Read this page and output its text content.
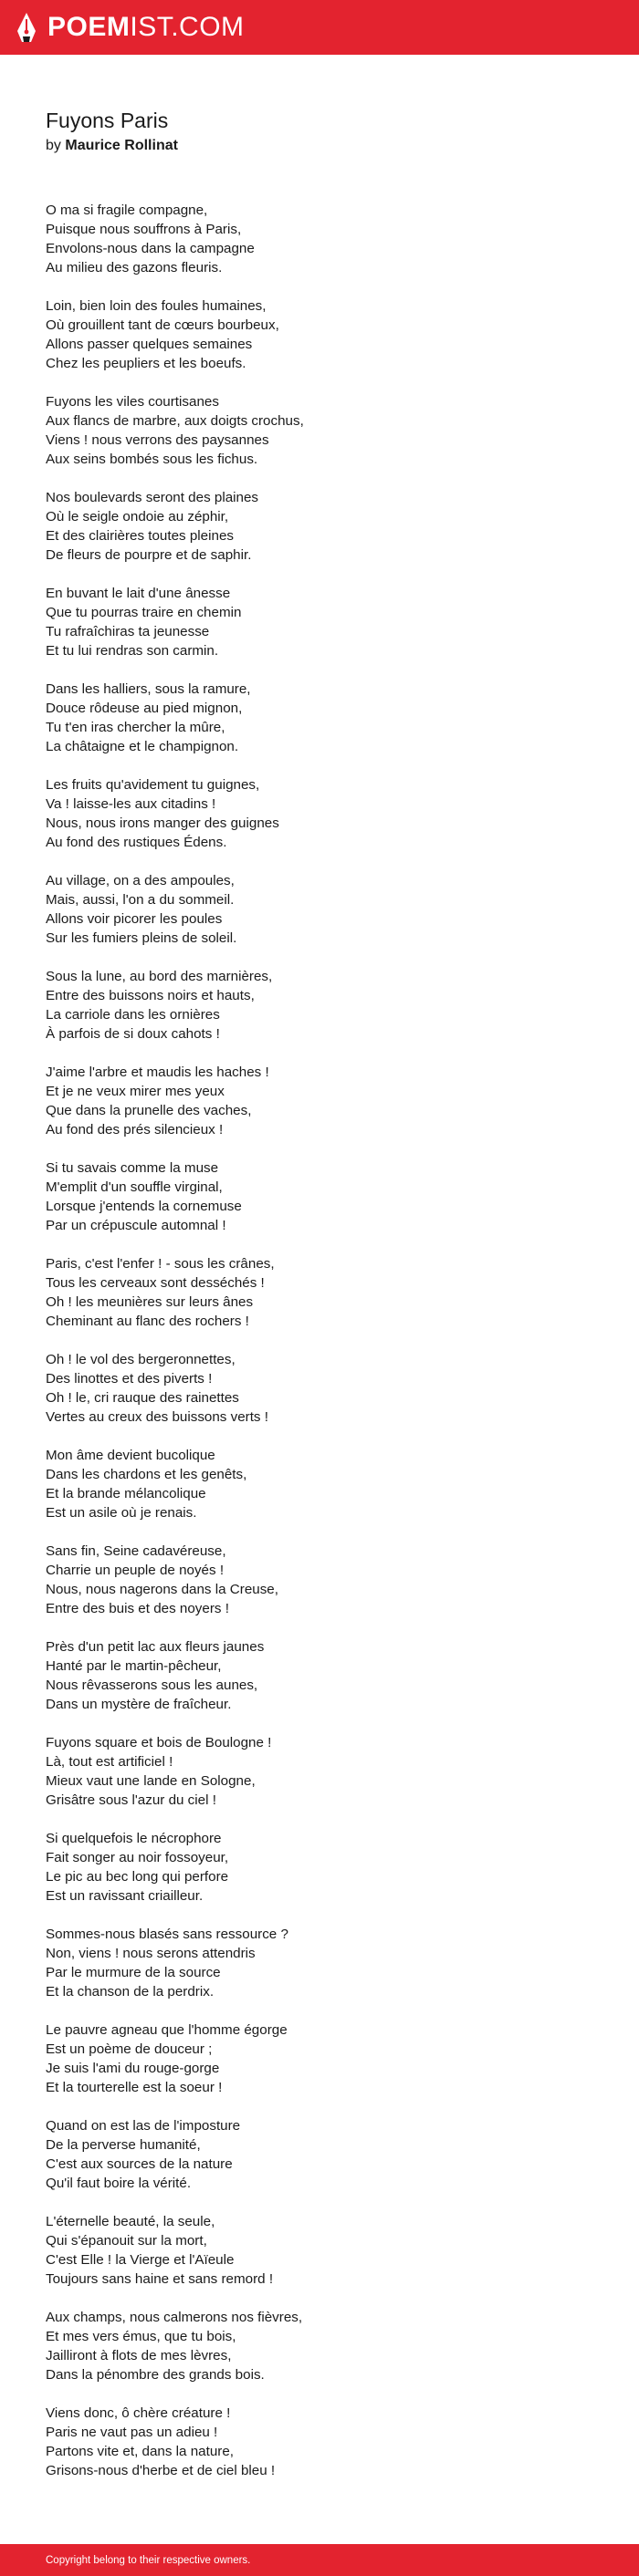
POEMIST.COM
Fuyons Paris
by Maurice Rollinat
O ma si fragile compagne,
Puisque nous souffrons à Paris,
Envolons-nous dans la campagne
Au milieu des gazons fleuris.
Loin, bien loin des foules humaines,
Où grouillent tant de cœurs bourbeux,
Allons passer quelques semaines
Chez les peupliers et les boeufs.
Fuyons les viles courtisanes
Aux flancs de marbre, aux doigts crochus,
Viens ! nous verrons des paysannes
Aux seins bombés sous les fichus.
Nos boulevards seront des plaines
Où le seigle ondoie au zéphir,
Et des clairières toutes pleines
De fleurs de pourpre et de saphir.
En buvant le lait d'une ânesse
Que tu pourras traire en chemin
Tu rafraîchiras ta jeunesse
Et tu lui rendras son carmin.
Dans les halliers, sous la ramure,
Douce rôdeuse au pied mignon,
Tu t'en iras chercher la mûre,
La châtaigne et le champignon.
Les fruits qu'avidement tu guignes,
Va ! laisse-les aux citadins !
Nous, nous irons manger des guignes
Au fond des rustiques Édens.
Au village, on a des ampoules,
Mais, aussi, l'on a du sommeil.
Allons voir picorer les poules
Sur les fumiers pleins de soleil.
Sous la lune, au bord des marnières,
Entre des buissons noirs et hauts,
La carriole dans les ornières
À parfois de si doux cahots !
J'aime l'arbre et maudis les haches !
Et je ne veux mirer mes yeux
Que dans la prunelle des vaches,
Au fond des prés silencieux !
Si tu savais comme la muse
M'emplit d'un souffle virginal,
Lorsque j'entends la cornemuse
Par un crépuscule automnal !
Paris, c'est l'enfer ! - sous les crânes,
Tous les cerveaux sont desséchés !
Oh ! les meunières sur leurs ânes
Cheminant au flanc des rochers !
Oh ! le vol des bergeronnettes,
Des linottes et des piverts !
Oh ! le, cri rauque des rainettes
Vertes au creux des buissons verts !
Mon âme devient bucolique
Dans les chardons et les genêts,
Et la brande mélancolique
Est un asile où je renais.
Sans fin, Seine cadavéreuse,
Charrie un peuple de noyés !
Nous, nous nagerons dans la Creuse,
Entre des buis et des noyers !
Près d'un petit lac aux fleurs jaunes
Hanté par le martin-pêcheur,
Nous rêvasserons sous les aunes,
Dans un mystère de fraîcheur.
Fuyons square et bois de Boulogne !
Là, tout est artificiel !
Mieux vaut une lande en Sologne,
Grisâtre sous l'azur du ciel !
Si quelquefois le nécrophore
Fait songer au noir fossoyeur,
Le pic au bec long qui perfore
Est un ravissant criailleur.
Sommes-nous blasés sans ressource ?
Non, viens ! nous serons attendris
Par le murmure de la source
Et la chanson de la perdrix.
Le pauvre agneau que l'homme égorge
Est un poème de douceur ;
Je suis l'ami du rouge-gorge
Et la tourterelle est la soeur !
Quand on est las de l'imposture
De la perverse humanité,
C'est aux sources de la nature
Qu'il faut boire la vérité.
L'éternelle beauté, la seule,
Qui s'épanouit sur la mort,
C'est Elle ! la Vierge et l'Aïeule
Toujours sans haine et sans remord !
Aux champs, nous calmerons nos fièvres,
Et mes vers émus, que tu bois,
Jailliront à flots de mes lèvres,
Dans la pénombre des grands bois.
Viens donc, ô chère créature !
Paris ne vaut pas un adieu !
Partons vite et, dans la nature,
Grisons-nous d'herbe et de ciel bleu !
Copyright belong to their respective owners.
